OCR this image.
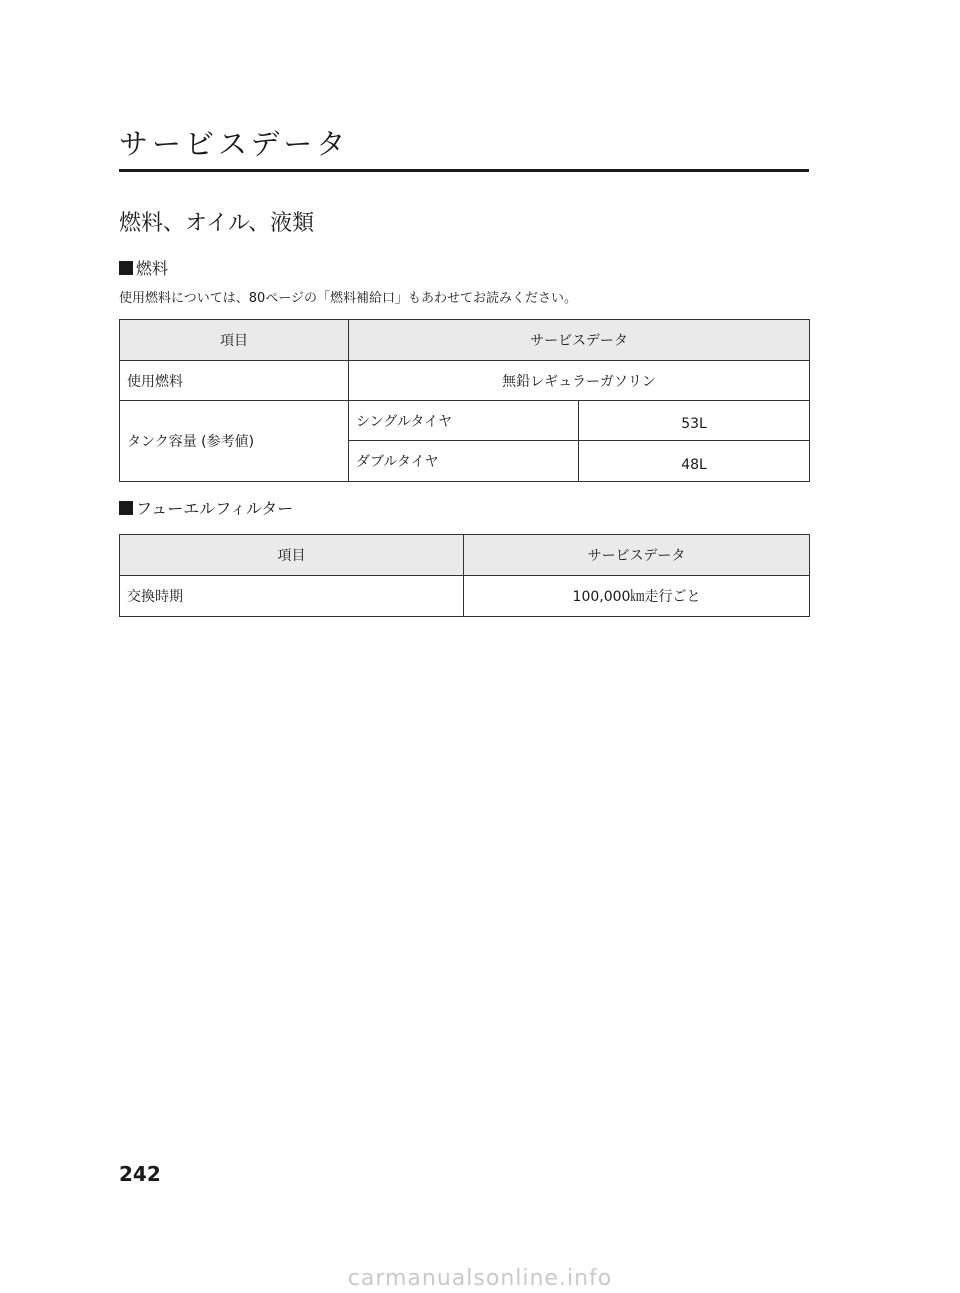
サービスデータ
燃料、オイル、液類
燃料
使用燃料については、80ページの「燃料補給口」もあわせてお読みください。
項目	サービスデータ	
使用燃料	無鉛レギュラーガソリン	
タンク容量 (参考値)	シングルタイヤ	53L
	ダブルタイヤ	48L
フューエルフィルター
項目	サービスデータ
交換時期	100,000㎞走行ごと
242
carmanualsonline.info
